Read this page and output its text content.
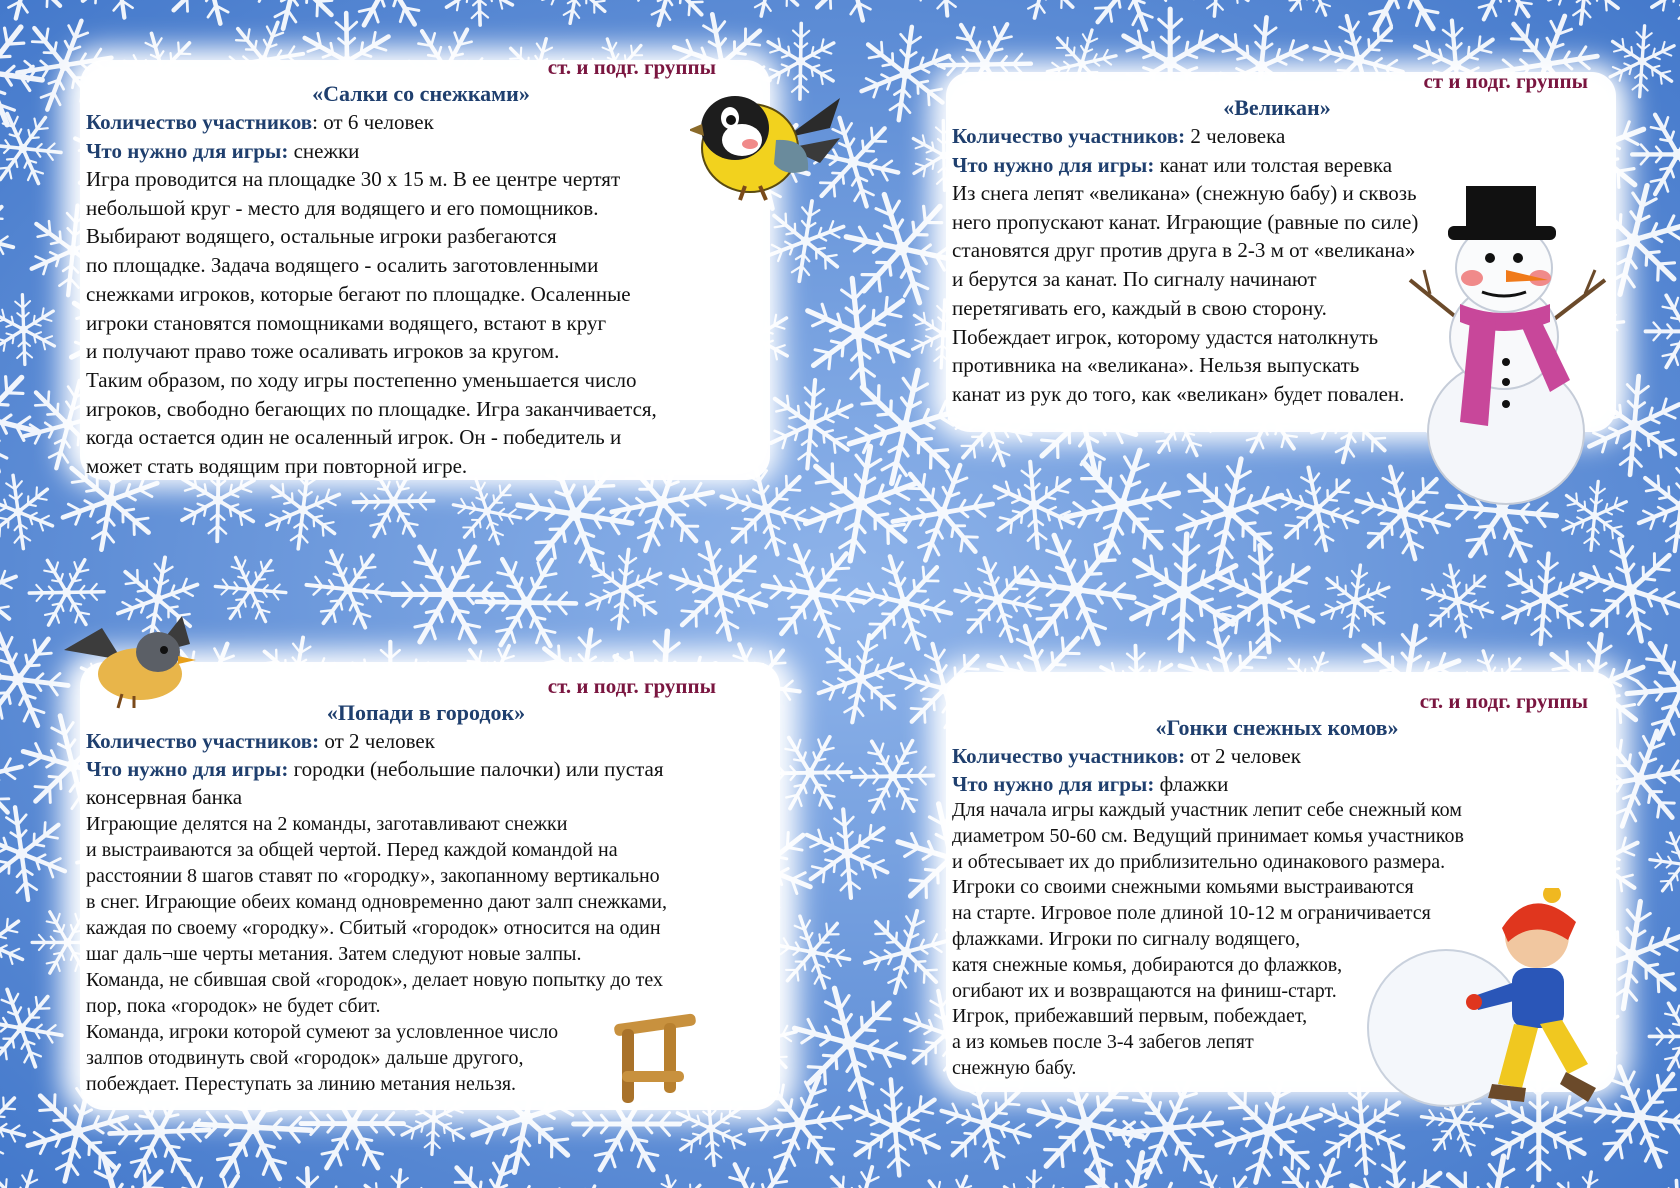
ст. и подг. группы
«Салки со снежками»
Количество участников: от 6 человек
Что нужно для игры: снежки

Игра проводится на площадке 30 х 15 м. В ее центре чертят
небольшой круг - место для водящего и его помощников.
Выбирают водящего, остальные игроки разбегаются
по площадке. Задача водящего - осалить заготовленными
снежками игроков, которые бегают по площадке. Осаленные
игроки становятся помощниками водящего, встают в круг
и получают право тоже осаливать игроков за кругом.
Таким образом, по ходу игры постепенно уменьшается число
игроков, свободно бегающих по площадке. Игра заканчивается,
когда остается один не осаленный игрок. Он - победитель и
может стать водящим при повторной игре.

ст и подг. группы
«Великан»
Количество участников: 2 человека
Что нужно для игры: канат или толстая веревка

Из снега лепят «великана» (снежную бабу) и сквозь
него пропускают канат. Играющие (равные по силе)
становятся друг против друга в 2-3 м от «великана»
и берутся за канат. По сигналу начинают
перетягивать его, каждый в свою сторону.
Побеждает игрок, которому удастся натолкнуть
противника на «великана». Нельзя выпускать
канат из рук до того, как «великан» будет повален.

ст. и подг. группы
«Попади в городок»
Количество участников: от 2 человек
Что нужно для игры: городки (небольшие палочки) или пустая
консервная банка

Играющие делятся на 2 команды, заготавливают снежки
и выстраиваются за общей чертой. Перед каждой командой на
расстоянии 8 шагов ставят по «городку», закопанному вертикально
в снег. Играющие обеих команд одновременно дают залп снежками,
каждая по своему «городку». Сбитый «городок» относится на один
шаг даль¬ше черты метания. Затем следуют новые залпы.
Команда, не сбившая свой «городок», делает новую попытку до тех
пор, пока «городок» не будет сбит.
Команда, игроки которой сумеют за условленное число
залпов отодвинуть свой «городок» дальше другого,
побеждает. Переступать за линию метания нельзя.

ст. и подг. группы
«Гонки снежных комов»
Количество участников: от 2 человек
Что нужно для игры: флажки

Для начала игры каждый участник лепит себе снежный ком
диаметром 50-60 см. Ведущий принимает комья участников
и обтесывает их до приблизительно одинакового размера.
Игроки со своими снежными комьями выстраиваются
на старте. Игровое поле длиной 10-12 м ограничивается
флажками. Игроки по сигналу водящего,
катя снежные комья, добираются до флажков,
огибают их и возвращаются на финиш-старт.
Игрок, прибежавший первым, побеждает,
а из комьев после 3-4 забегов лепят
снежную бабу.
